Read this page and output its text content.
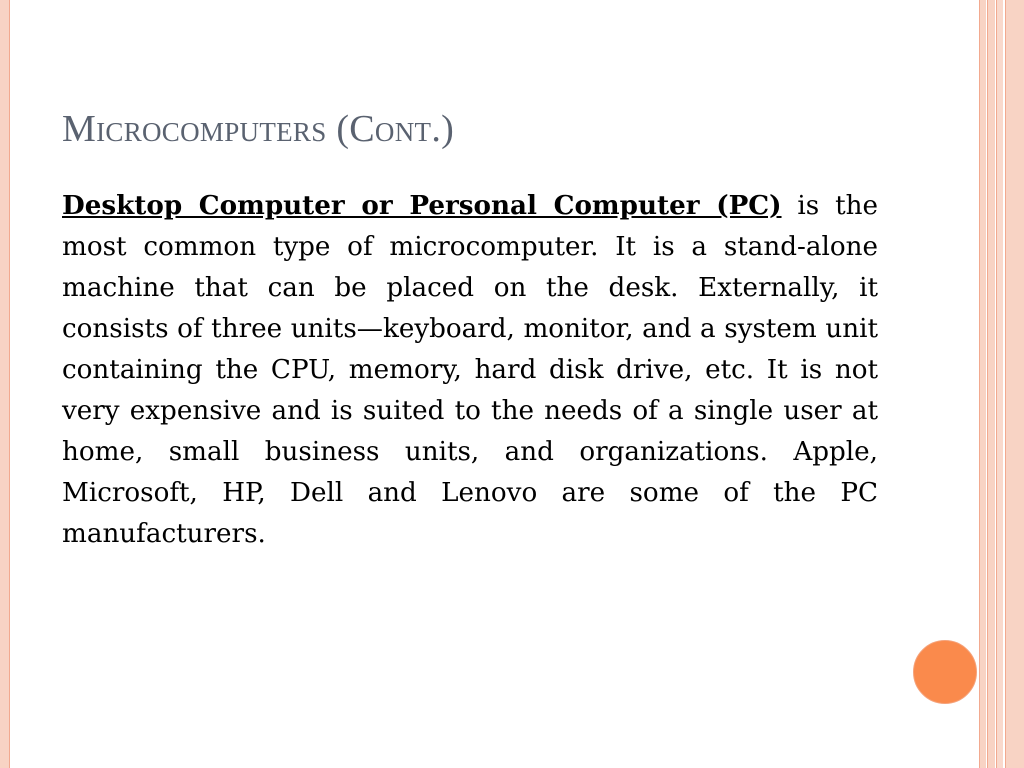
Microcomputers (Cont.)

Desktop Computer or Personal Computer (PC) is the most common type of microcomputer. It is a stand-alone machine that can be placed on the desk. Externally, it consists of three units—keyboard, monitor, and a system unit containing the CPU, memory, hard disk drive, etc. It is not very expensive and is suited to the needs of a single user at home, small business units, and organizations. Apple, Microsoft, HP, Dell and Lenovo are some of the PC manufacturers.
